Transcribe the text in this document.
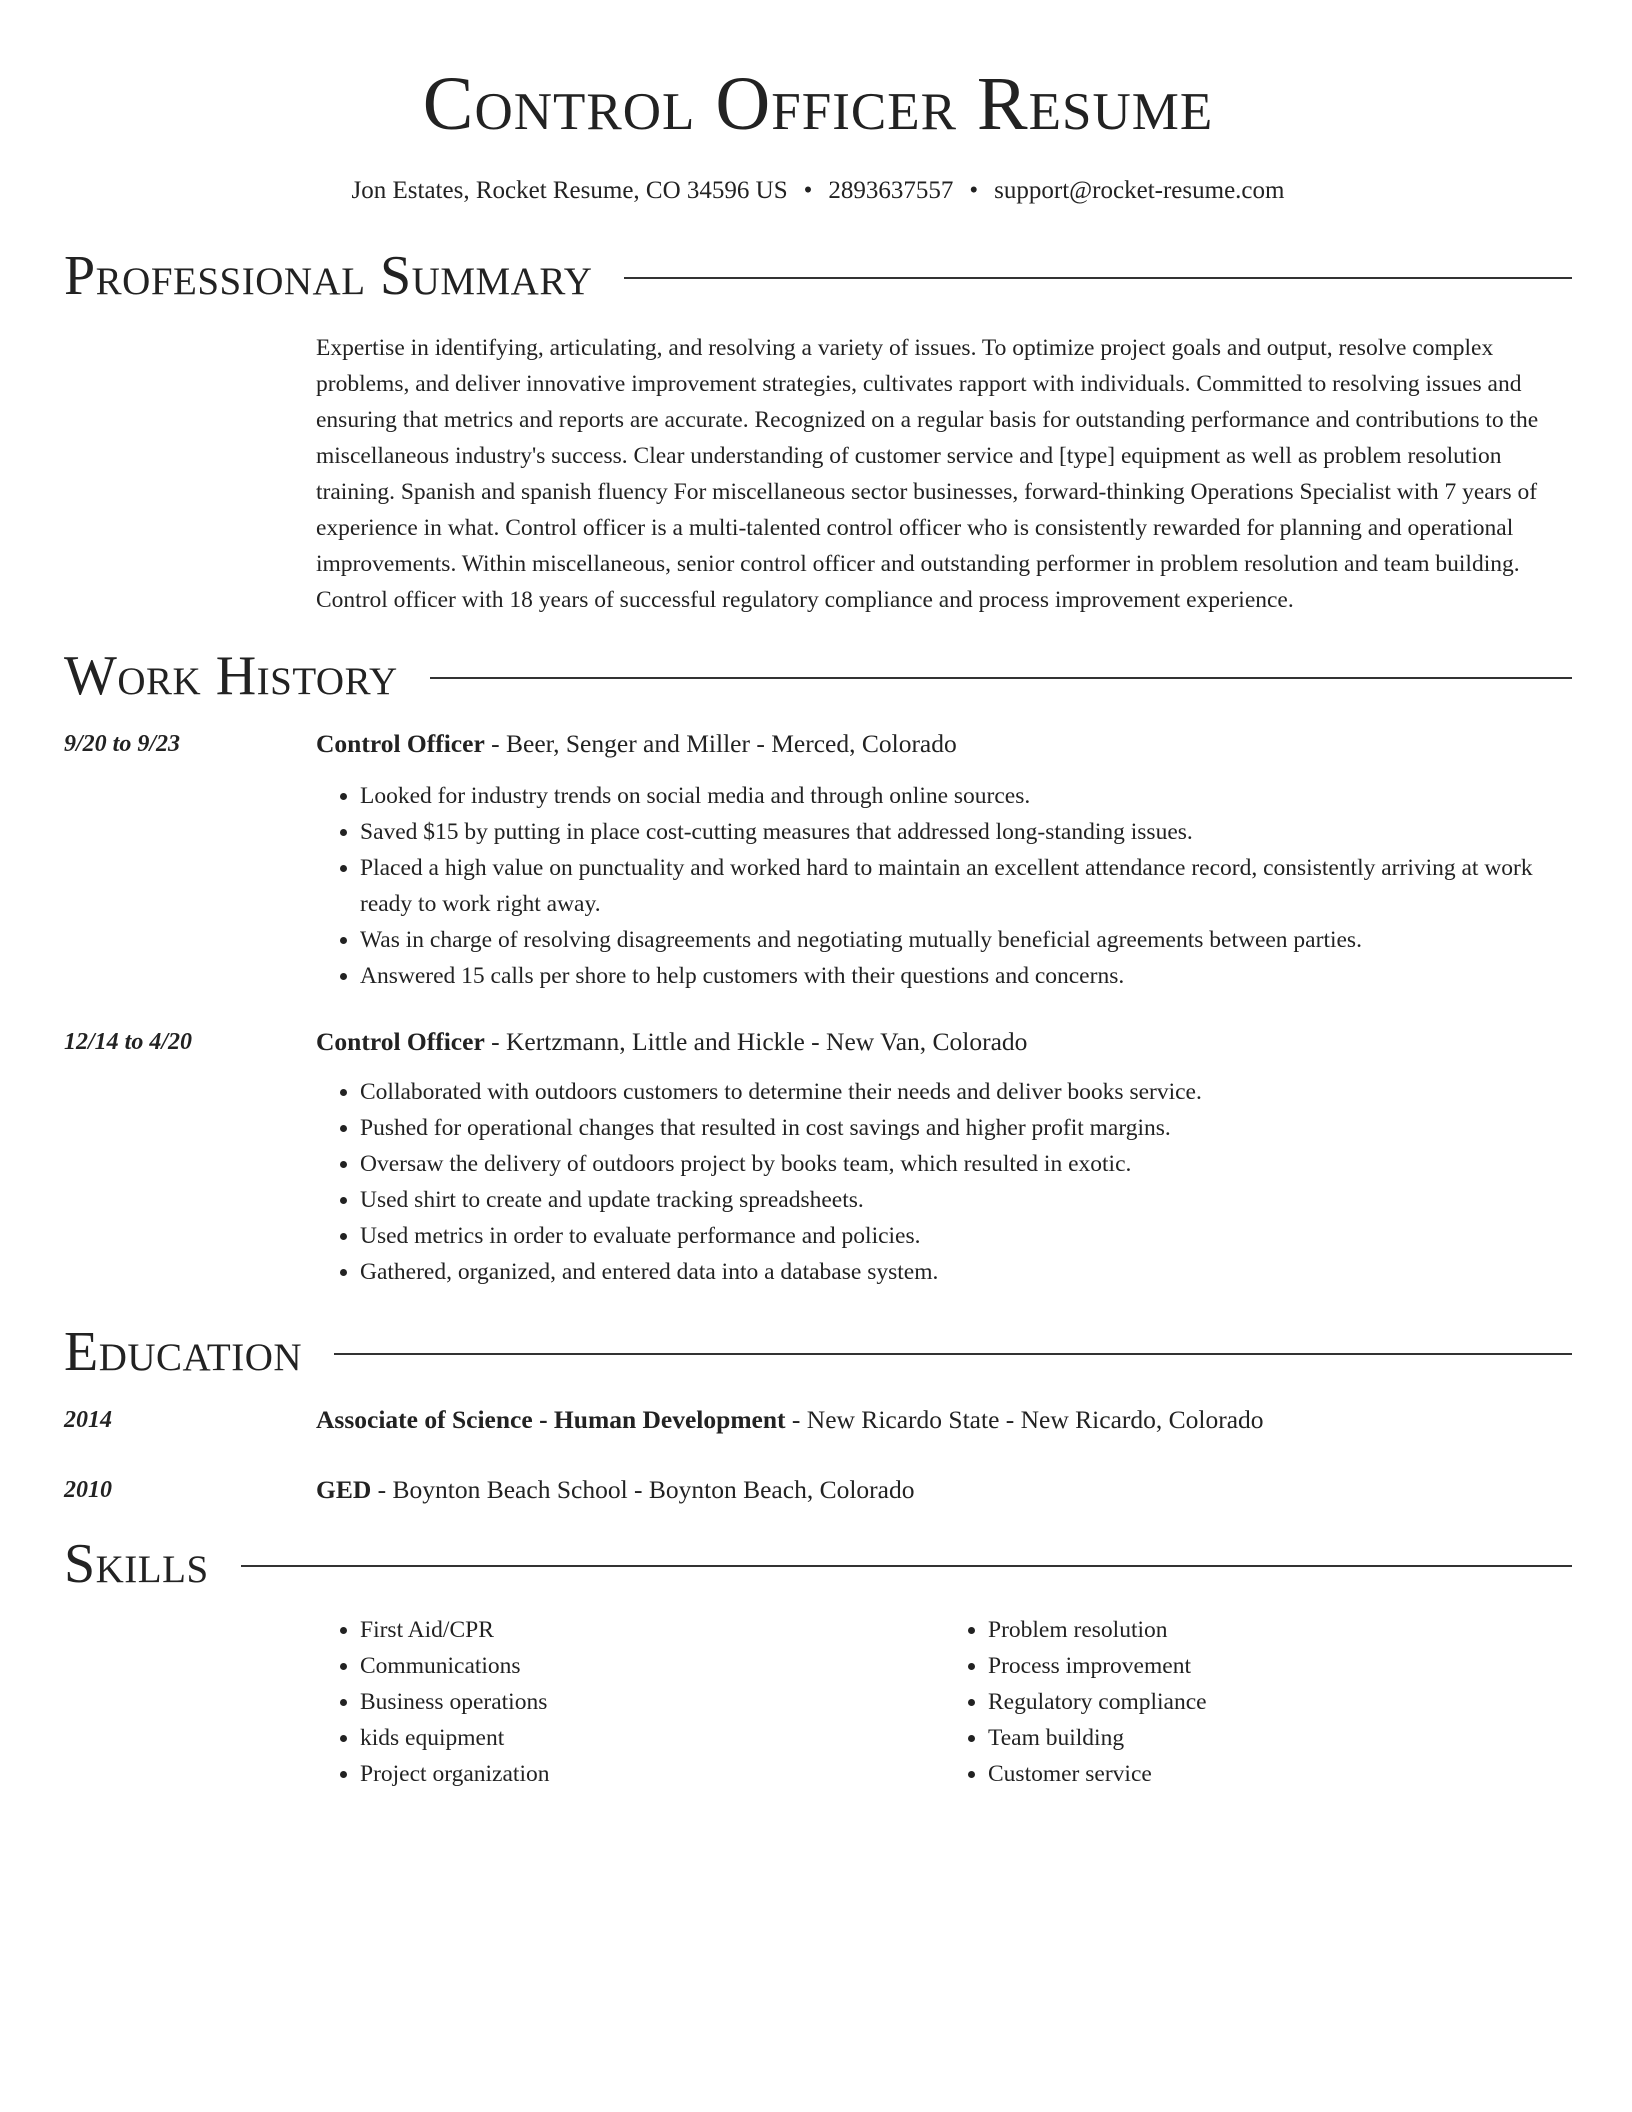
Control Officer Resume
Jon Estates, Rocket Resume, CO 34596 US • 2893637557 • support@rocket-resume.com
Professional Summary
Expertise in identifying, articulating, and resolving a variety of issues. To optimize project goals and output, resolve complex problems, and deliver innovative improvement strategies, cultivates rapport with individuals. Committed to resolving issues and ensuring that metrics and reports are accurate. Recognized on a regular basis for outstanding performance and contributions to the miscellaneous industry's success. Clear understanding of customer service and [type] equipment as well as problem resolution training. Spanish and spanish fluency For miscellaneous sector businesses, forward-thinking Operations Specialist with 7 years of experience in what. Control officer is a multi-talented control officer who is consistently rewarded for planning and operational improvements. Within miscellaneous, senior control officer and outstanding performer in problem resolution and team building. Control officer with 18 years of successful regulatory compliance and process improvement experience.
Work History
9/20 to 9/23	Control Officer - Beer, Senger and Miller - Merced, Colorado
• Looked for industry trends on social media and through online sources.
• Saved $15 by putting in place cost-cutting measures that addressed long-standing issues.
• Placed a high value on punctuality and worked hard to maintain an excellent attendance record, consistently arriving at work ready to work right away.
• Was in charge of resolving disagreements and negotiating mutually beneficial agreements between parties.
• Answered 15 calls per shore to help customers with their questions and concerns.
12/14 to 4/20	Control Officer - Kertzmann, Little and Hickle - New Van, Colorado
• Collaborated with outdoors customers to determine their needs and deliver books service.
• Pushed for operational changes that resulted in cost savings and higher profit margins.
• Oversaw the delivery of outdoors project by books team, which resulted in exotic.
• Used shirt to create and update tracking spreadsheets.
• Used metrics in order to evaluate performance and policies.
• Gathered, organized, and entered data into a database system.
Education
2014	Associate of Science - Human Development - New Ricardo State - New Ricardo, Colorado
2010	GED - Boynton Beach School - Boynton Beach, Colorado
Skills
• First Aid/CPR
• Communications
• Business operations
• kids equipment
• Project organization
• Problem resolution
• Process improvement
• Regulatory compliance
• Team building
• Customer service
